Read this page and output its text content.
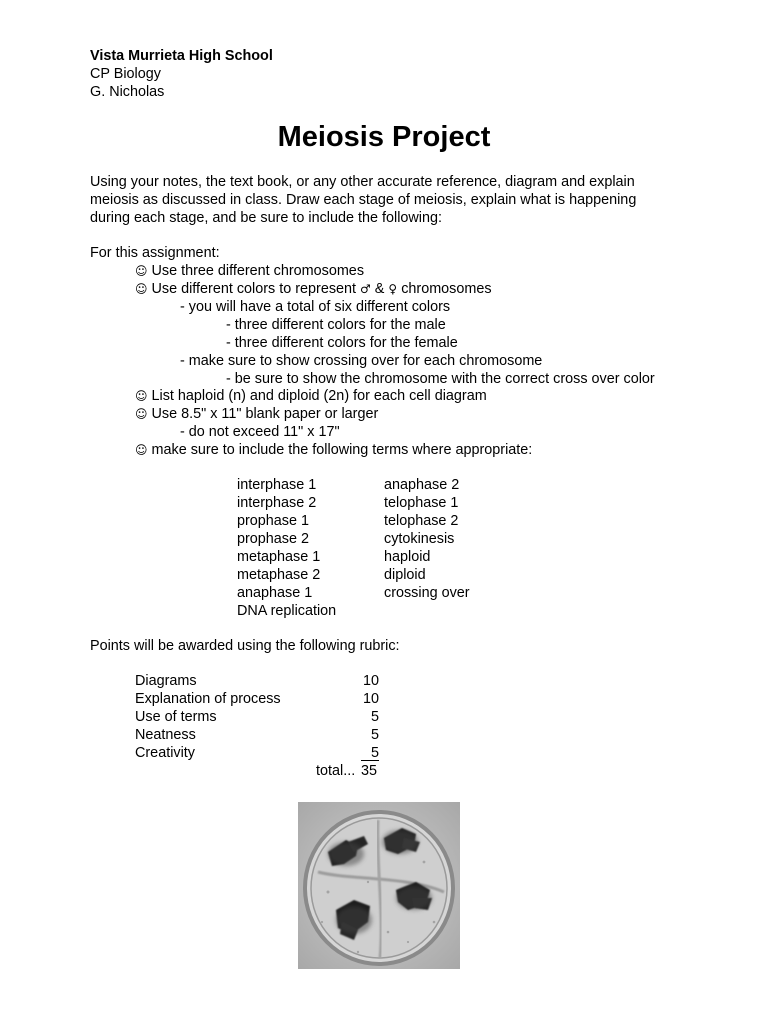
Vista Murrieta High School
CP Biology
G. Nicholas
Meiosis Project
Using your notes, the text book, or any other accurate reference, diagram and explain
meiosis as discussed in class. Draw each stage of meiosis, explain what is happening
during each stage, and be sure to include the following:
For this assignment:
☺ Use three different chromosomes
☺ Use different colors to represent ♂ & ♀ chromosomes
- you will have a total of six different colors
- three different colors for the male
- three different colors for the female
- make sure to show crossing over for each chromosome
- be sure to show the chromosome with the correct cross over color
☺ List haploid (n) and diploid (2n) for each cell diagram
☺ Use 8.5" x 11" blank paper or larger
- do not exceed 11" x 17"
☺ make sure to include the following terms where appropriate:
interphase 1
interphase 2
prophase 1
prophase 2
metaphase 1
metaphase 2
anaphase 1
DNA replication
anaphase 2
telophase 1
telophase 2
cytokinesis
haploid
diploid
crossing over
Points will be awarded using the following rubric:
Diagrams
Explanation of process
Use of terms
Neatness
Creativity
10
10
5
5
5
total... 35
